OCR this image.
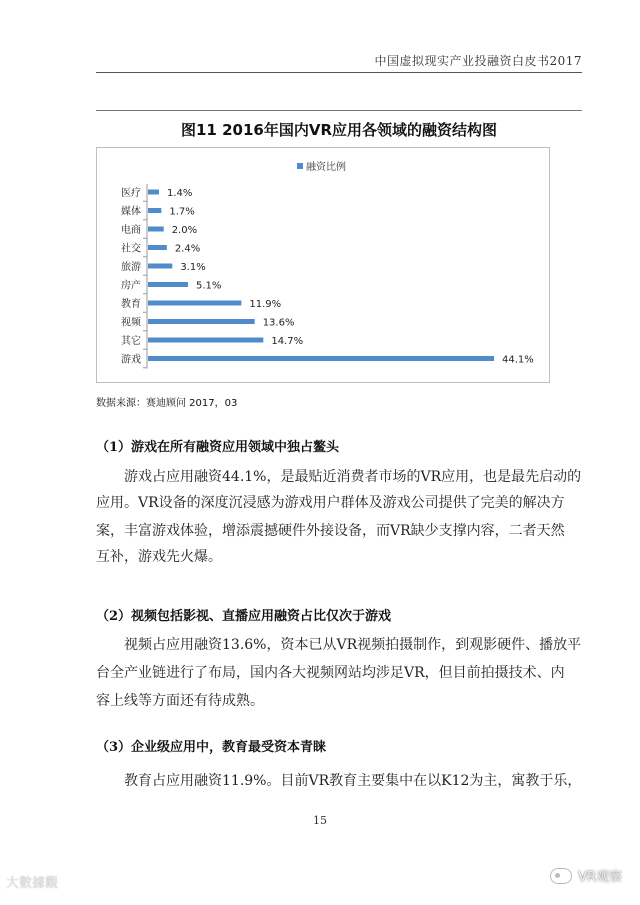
中国虚拟现实产业投融资白皮书2017
图11 2016年国内VR应用各领域的融资结构图
融资比例
医疗	1.4%
媒体	1.7%
电商	2.0%
社交	2.4%
旅游	3.1%
房产	5.1%
教育	11.9%
视频	13.6%
其它	14.7%
游戏	44.1%
数据来源：赛迪顾问 2017，03
（1）游戏在所有融资应用领域中独占鳌头
游戏占应用融资44.1%，是最贴近消费者市场的VR应用，也是最先启动的
应用。VR设备的深度沉浸感为游戏用户群体及游戏公司提供了完美的解决方
案，丰富游戏体验，增添震撼硬件外接设备，而VR缺少支撑内容，二者天然
互补，游戏先火爆。
（2）视频包括影视、直播应用融资占比仅次于游戏
视频占应用融资13.6%，资本已从VR视频拍摄制作，到观影硬件、播放平
台全产业链进行了布局，国内各大视频网站均涉足VR，但目前拍摄技术、内
容上线等方面还有待成熟。
（3）企业级应用中，教育最受资本青睐
教育占应用融资11.9%。目前VR教育主要集中在以K12为主，寓教于乐，
15
大數據觀	VR观察
